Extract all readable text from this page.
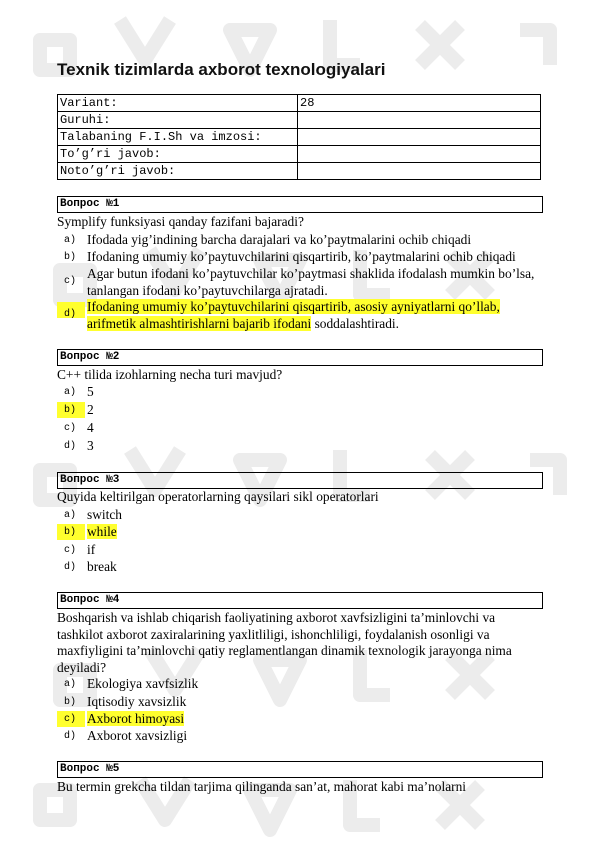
Texnik tizimlarda axborot texnologiyalari
Variant:	28
Guruhi:	
Talabaning F.I.Sh va imzosi:	
To’g’ri javob:	
Noto’g’ri javob:	
Вопрос №1
Symplify funksiyasi qanday fazifani bajaradi?
a) Ifodada yig’indining barcha darajalari va ko’paytmalarini ochib chiqadi
b) Ifodaning umumiy ko’paytuvchilarini qisqartirib, ko’paytmalarini ochib chiqadi
c)
Agar butun ifodani ko’paytuvchilar ko’paytmasi shaklida ifodalash mumkin bo’lsa, tanlangan ifodani ko’paytuvchilarga ajratadi.
d)
Ifodaning umumiy ko’paytuvchilarini qisqartirib, asosiy ayniyatlarni qo’llab, arifmetik almashtirishlarni bajarib ifodani soddalashtiradi.
Вопрос №2
C++ tilida izohlarning necha turi mavjud?
a) 5
b) 2
c) 4
d) 3
Вопрос №3
Quyida keltirilgan operatorlarning qaysilari sikl operatorlari
a) switch
b) while
c) if
d) break
Вопрос №4
Boshqarish va ishlab chiqarish faoliyatining axborot xavfsizligini ta’minlovchi va tashkilot axborot zaxiralarining yaxlitliligi, ishonchliligi, foydalanish osonligi va maxfiyligini ta’minlovchi qatiy reglamentlangan dinamik texnologik jarayonga nima deyiladi?
a) Ekologiya xavfsizlik
b) Iqtisodiy xavsizlik
c) Axborot himoyasi
d) Axborot xavsizligi
Вопрос №5
Bu termin grekcha tildan tarjima qilinganda san’at, mahorat kabi ma’nolarni
